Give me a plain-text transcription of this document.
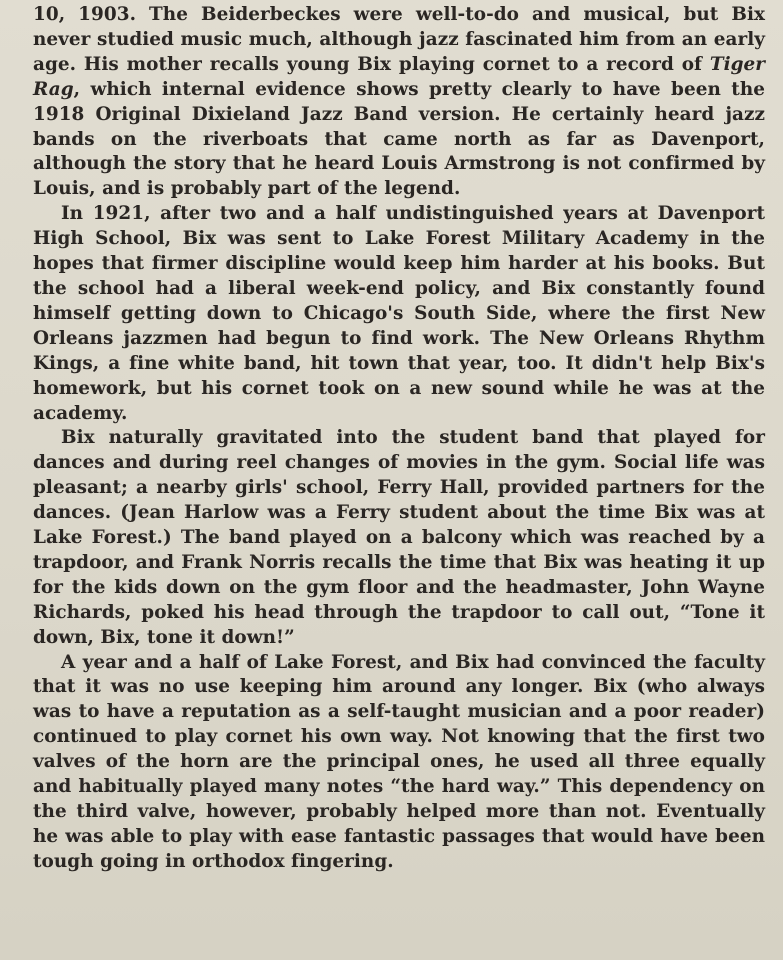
10, 1903. The Beiderbeckes were well-to-do and musical, but Bix never studied music much, although jazz fascinated him from an early age. His mother recalls young Bix playing cornet to a record of Tiger Rag, which internal evidence shows pretty clearly to have been the 1918 Original Dixieland Jazz Band version. He certainly heard jazz bands on the riverboats that came north as far as Davenport, although the story that he heard Louis Armstrong is not confirmed by Louis, and is probably part of the legend.

In 1921, after two and a half undistinguished years at Davenport High School, Bix was sent to Lake Forest Military Academy in the hopes that firmer discipline would keep him harder at his books. But the school had a liberal week-end policy, and Bix constantly found himself getting down to Chicago's South Side, where the first New Orleans jazzmen had begun to find work. The New Orleans Rhythm Kings, a fine white band, hit town that year, too. It didn't help Bix's homework, but his cornet took on a new sound while he was at the academy.

Bix naturally gravitated into the student band that played for dances and during reel changes of movies in the gym. Social life was pleasant; a nearby girls' school, Ferry Hall, provided partners for the dances. (Jean Harlow was a Ferry student about the time Bix was at Lake Forest.) The band played on a balcony which was reached by a trapdoor, and Frank Norris recalls the time that Bix was heating it up for the kids down on the gym floor and the headmaster, John Wayne Richards, poked his head through the trapdoor to call out, “Tone it down, Bix, tone it down!”

A year and a half of Lake Forest, and Bix had convinced the faculty that it was no use keeping him around any longer. Bix (who always was to have a reputation as a self-taught musician and a poor reader) continued to play cornet his own way. Not knowing that the first two valves of the horn are the principal ones, he used all three equally and habitually played many notes “the hard way.” This dependency on the third valve, however, probably helped more than not. Eventually he was able to play with ease fantastic passages that would have been tough going in orthodox fingering.
